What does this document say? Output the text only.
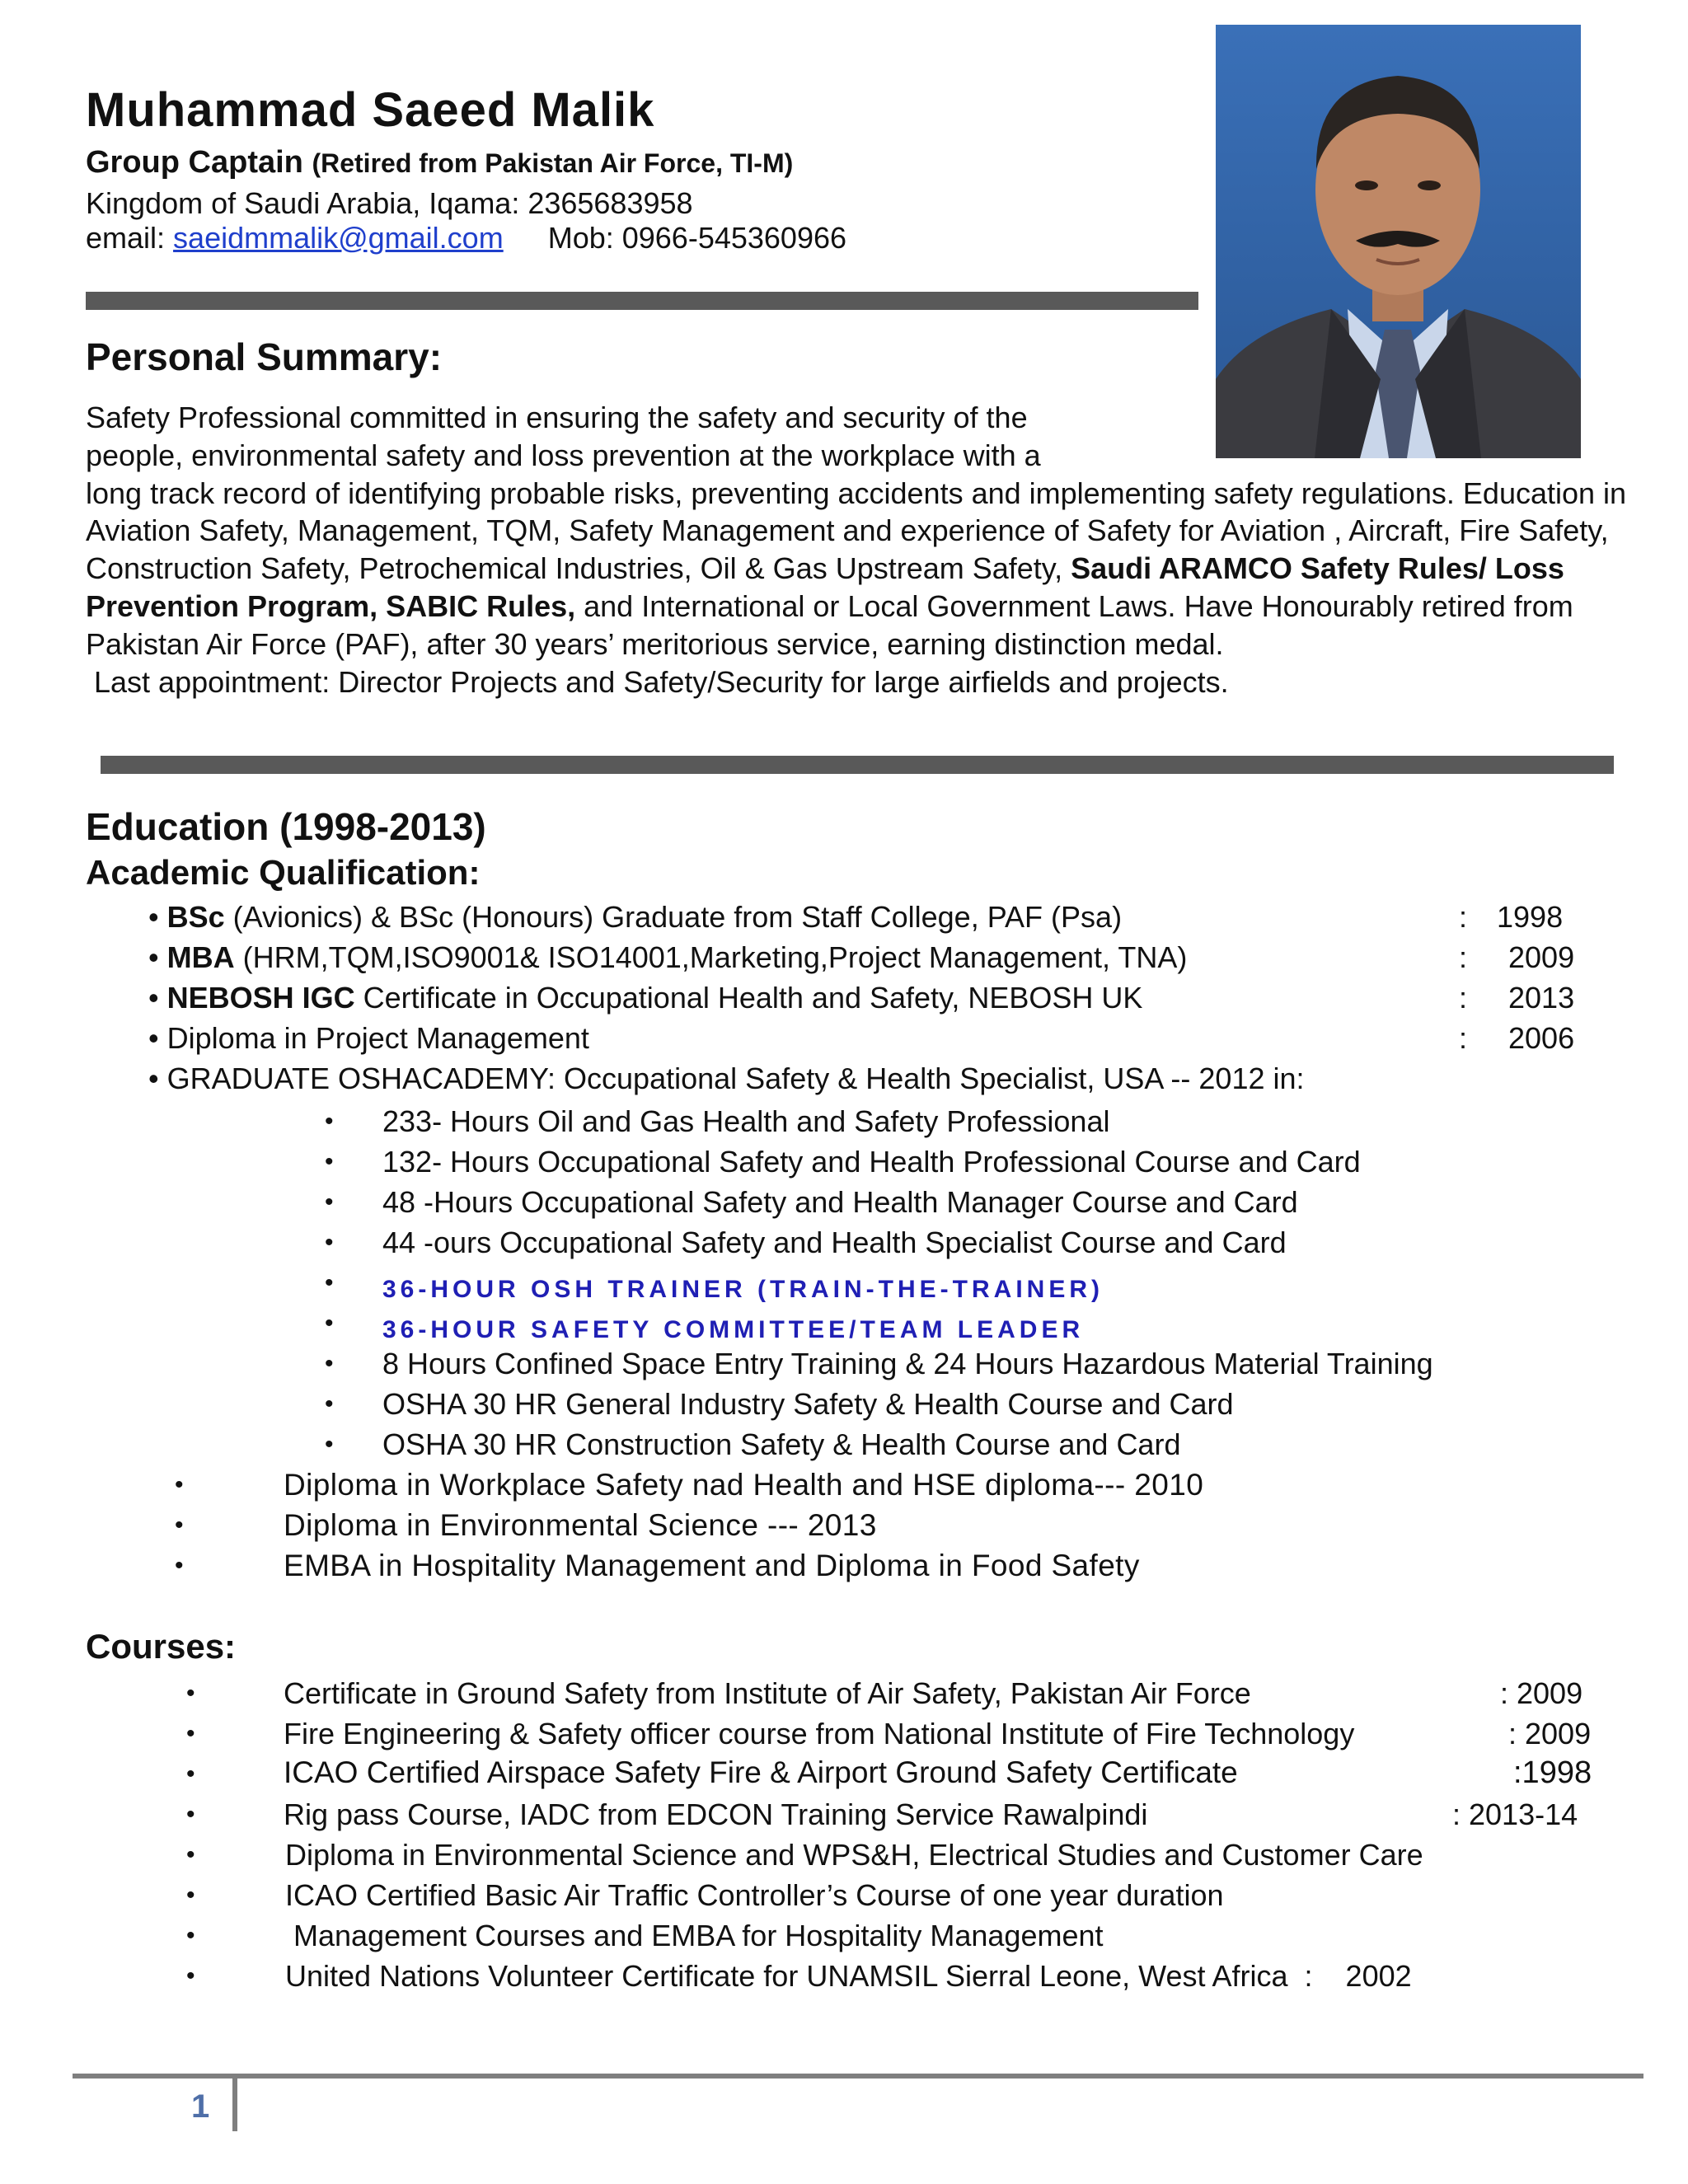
Muhammad Saeed Malik
Group Captain (Retired from Pakistan Air Force, TI-M)
Kingdom of Saudi Arabia, Iqama: 2365683958
email: saeidmmalik@gmail.com Mob: 0966-545360966
Personal Summary:

Safety Professional committed in ensuring the safety and security of the

people, environmental safety and loss prevention at the workplace with a

long track record of identifying probable risks, preventing accidents and implementing safety regulations. Education in Aviation Safety, Management, TQM, Safety Management and experience of Safety for Aviation , Aircraft, Fire Safety, Construction Safety, Petrochemical Industries, Oil & Gas Upstream Safety, Saudi ARAMCO Safety Rules/ Loss Prevention Program, SABIC Rules, and International or Local Government Laws. Have Honourably retired from Pakistan Air Force (PAF), after 30 years’ meritorious service, earning distinction medal.

Last appointment: Director Projects and Safety/Security for large airfields and projects.

Education (1998-2013)
Academic Qualification:
• BSc (Avionics) & BSc (Honours) Graduate from Staff College, PAF (Psa)	: 1998
• MBA (HRM,TQM,ISO9001& ISO14001,Marketing,Project Management, TNA)	: 2009
• NEBOSH IGC Certificate in Occupational Health and Safety, NEBOSH UK	: 2013
• Diploma in Project Management	: 2006
• GRADUATE OSHACADEMY: Occupational Safety & Health Specialist, USA -- 2012 in:
• 233- Hours Oil and Gas Health and Safety Professional
• 132- Hours Occupational Safety and Health Professional Course and Card
• 48 -Hours Occupational Safety and Health Manager Course and Card
• 44 -ours Occupational Safety and Health Specialist Course and Card
• 36-HOUR OSH TRAINER (TRAIN-THE-TRAINER)
• 36-HOUR SAFETY COMMITTEE/TEAM LEADER
• 8 Hours Confined Space Entry Training & 24 Hours Hazardous Material Training
• OSHA 30 HR General Industry Safety & Health Course and Card
• OSHA 30 HR Construction Safety & Health Course and Card
•	Diploma in Workplace Safety nad Health and HSE diploma--- 2010
•	Diploma in Environmental Science --- 2013
•	EMBA in Hospitality Management and Diploma in Food Safety
Courses:
•	Certificate in Ground Safety from Institute of Air Safety, Pakistan Air Force	: 2009
•	Fire Engineering & Safety officer course from National Institute of Fire Technology	: 2009
•	ICAO Certified Airspace Safety Fire & Airport Ground Safety Certificate	:1998
•	Rig pass Course, IADC from EDCON Training Service Rawalpindi	: 2013-14
•	Diploma in Environmental Science and WPS&H, Electrical Studies and Customer Care
•	ICAO Certified Basic Air Traffic Controller’s Course of one year duration
•	Management Courses and EMBA for Hospitality Management
•	United Nations Volunteer Certificate for UNAMSIL Sierral Leone, West Africa  :    2002
1
